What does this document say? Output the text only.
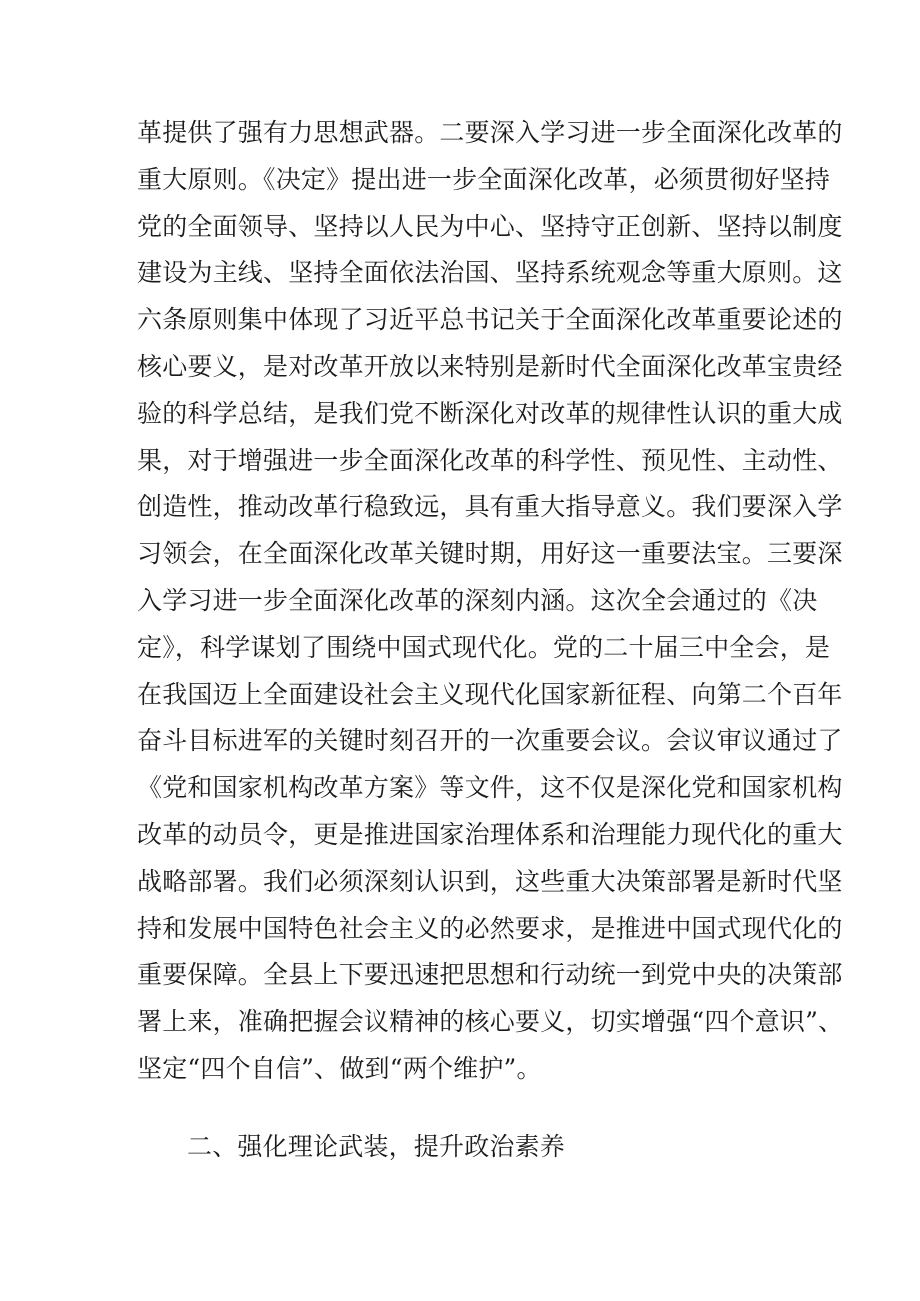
革提供了强有力思想武器。二要深入学习进一步全面深化改革的
重大原则。《决定》提出进一步全面深化改革，必须贯彻好坚持
党的全面领导、坚持以人民为中心、坚持守正创新、坚持以制度
建设为主线、坚持全面依法治国、坚持系统观念等重大原则。这
六条原则集中体现了习近平总书记关于全面深化改革重要论述的
核心要义，是对改革开放以来特别是新时代全面深化改革宝贵经
验的科学总结，是我们党不断深化对改革的规律性认识的重大成
果，对于增强进一步全面深化改革的科学性、预见性、主动性、
创造性，推动改革行稳致远，具有重大指导意义。我们要深入学
习领会，在全面深化改革关键时期，用好这一重要法宝。三要深
入学习进一步全面深化改革的深刻内涵。这次全会通过的《决
定》，科学谋划了围绕中国式现代化。党的二十届三中全会，是
在我国迈上全面建设社会主义现代化国家新征程、向第二个百年
奋斗目标进军的关键时刻召开的一次重要会议。会议审议通过了
《党和国家机构改革方案》等文件，这不仅是深化党和国家机构
改革的动员令，更是推进国家治理体系和治理能力现代化的重大
战略部署。我们必须深刻认识到，这些重大决策部署是新时代坚
持和发展中国特色社会主义的必然要求，是推进中国式现代化的
重要保障。全县上下要迅速把思想和行动统一到党中央的决策部
署上来，准确把握会议精神的核心要义，切实增强“四个意识”、
坚定“四个自信”、做到“两个维护”。
二、强化理论武装，提升政治素养
